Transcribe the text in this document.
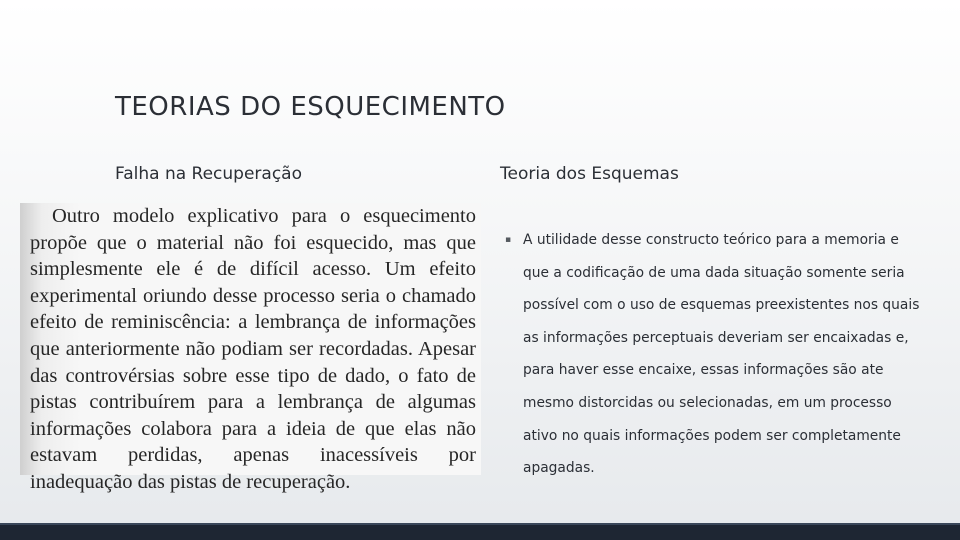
TEORIAS DO ESQUECIMENTO
Falha na Recuperação	Teoria dos Esquemas

Outro modelo explicativo para o esquecimento propõe que o material não foi esquecido, mas que simplesmente ele é de difícil acesso. Um efeito experimental oriundo desse processo seria o chamado efeito de reminiscência: a lembrança de informações que anteriormente não podiam ser recordadas. Apesar das controvérsias sobre esse tipo de dado, o fato de pistas contribuírem para a lembrança de algumas informações colabora para a ideia de que elas não estavam perdidas, apenas inacessíveis por inadequação das pistas de recuperação.

▪ A utilidade desse constructo teórico para a memoria e que a codificação de uma dada situação somente seria possível com o uso de esquemas preexistentes nos quais as informações perceptuais deveriam ser encaixadas e, para haver esse encaixe, essas informações são ate mesmo distorcidas ou selecionadas, em um processo ativo no quais informações podem ser completamente apagadas.
